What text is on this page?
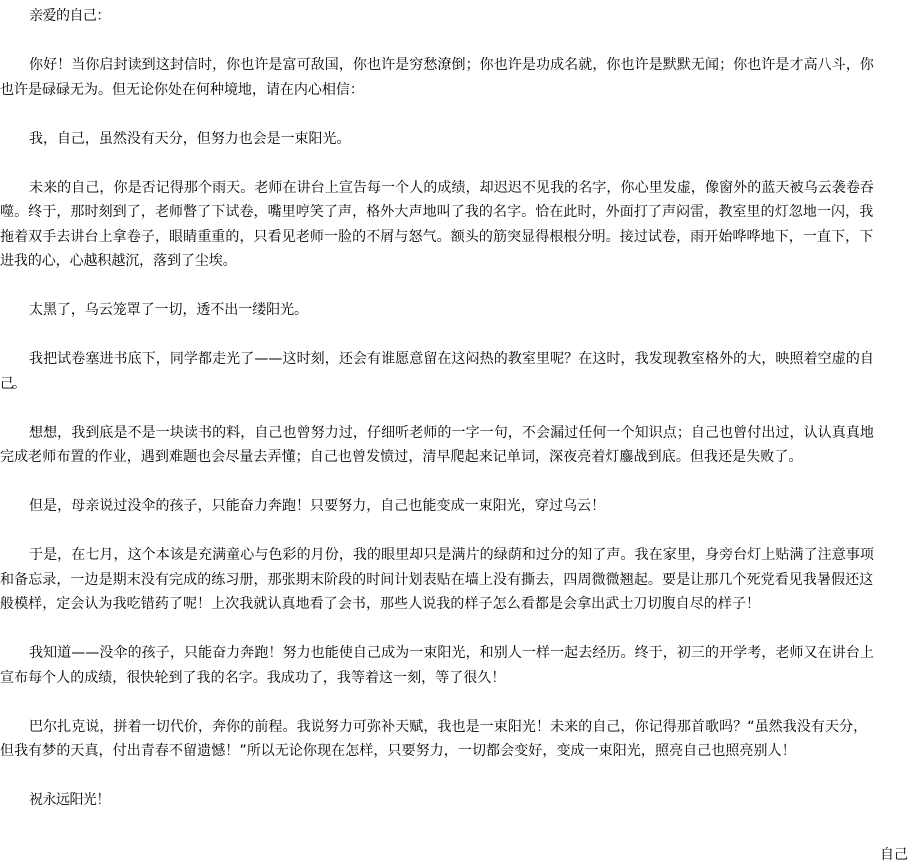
亲爱的自己：
你好！当你启封读到这封信时，你也许是富可敌国，你也许是穷愁潦倒；你也许是功成名就，你也许是默默无闻；你也许是才高八斗，你
也许是碌碌无为。但无论你处在何种境地，请在内心相信：
我，自己，虽然没有天分，但努力也会是一束阳光。
未来的自己，你是否记得那个雨天。老师在讲台上宣告每一个人的成绩，却迟迟不见我的名字，你心里发虚，像窗外的蓝天被乌云袭卷吞
噬。终于，那时刻到了，老师瞥了下试卷，嘴里哼笑了声，格外大声地叫了我的名字。恰在此时，外面打了声闷雷，教室里的灯忽地一闪，我
拖着双手去讲台上拿卷子，眼睛重重的，只看见老师一脸的不屑与怒气。额头的筋突显得根根分明。接过试卷，雨开始哗哗地下，一直下，下
进我的心，心越积越沉，落到了尘埃。
太黑了，乌云笼罩了一切，透不出一缕阳光。
我把试卷塞进书底下，同学都走光了——这时刻，还会有谁愿意留在这闷热的教室里呢？在这时，我发现教室格外的大，映照着空虚的自
己。
想想，我到底是不是一块读书的料，自己也曾努力过，仔细听老师的一字一句，不会漏过任何一个知识点；自己也曾付出过，认认真真地
完成老师布置的作业，遇到难题也会尽量去弄懂；自己也曾发愤过，清早爬起来记单词，深夜亮着灯鏖战到底。但我还是失败了。
但是，母亲说过没伞的孩子，只能奋力奔跑！只要努力，自己也能变成一束阳光，穿过乌云！
于是，在七月，这个本该是充满童心与色彩的月份，我的眼里却只是满片的绿荫和过分的知了声。我在家里，身旁台灯上贴满了注意事项
和备忘录，一边是期末没有完成的练习册，那张期末阶段的时间计划表贴在墙上没有撕去，四周微微翘起。要是让那几个死党看见我暑假还这
般模样，定会认为我吃错药了呢！上次我就认真地看了会书，那些人说我的样子怎么看都是会拿出武士刀切腹自尽的样子！
我知道——没伞的孩子，只能奋力奔跑！努力也能使自己成为一束阳光，和别人一样一起去经历。终于，初三的开学考，老师又在讲台上
宣布每个人的成绩，很快轮到了我的名字。我成功了，我等着这一刻，等了很久！
巴尔扎克说，拼着一切代价，奔你的前程。我说努力可弥补天赋，我也是一束阳光！未来的自己，你记得那首歌吗？“虽然我没有天分，
但我有梦的天真，付出青春不留遗憾！”所以无论你现在怎样，只要努力，一切都会变好，变成一束阳光，照亮自己也照亮别人！
祝永远阳光！
自己
